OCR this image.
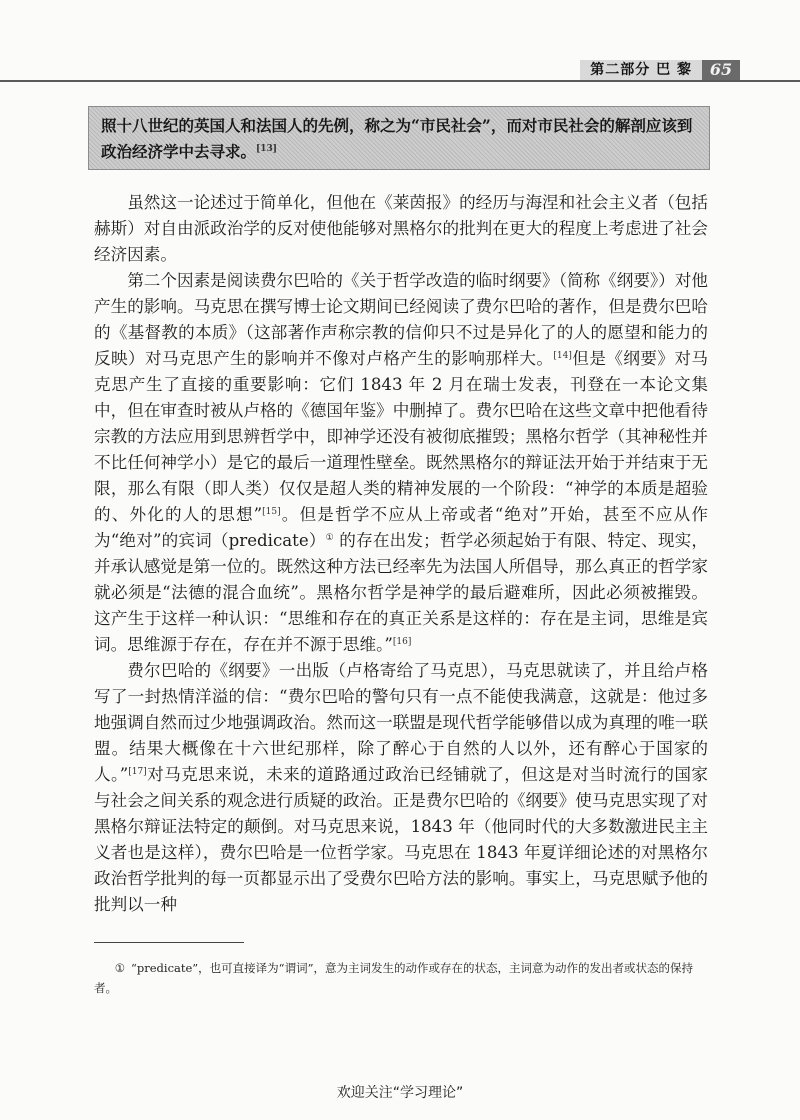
第二部分 巴 黎	65
照十八世纪的英国人和法国人的先例，称之为“市民社会”，而对市民社会的解剖应该到政治经济学中去寻求。[13]

虽然这一论述过于简单化，但他在《莱茵报》的经历与海涅和社会主义者（包括赫斯）对自由派政治学的反对使他能够对黑格尔的批判在更大的程度上考虑进了社会经济因素。

第二个因素是阅读费尔巴哈的《关于哲学改造的临时纲要》（简称《纲要》）对他产生的影响。马克思在撰写博士论文期间已经阅读了费尔巴哈的著作，但是费尔巴哈的《基督教的本质》（这部著作声称宗教的信仰只不过是异化了的人的愿望和能力的反映）对马克思产生的影响并不像对卢格产生的影响那样大。[14]但是《纲要》对马克思产生了直接的重要影响：它们 1843 年 2 月在瑞士发表，刊登在一本论文集中，但在审查时被从卢格的《德国年鉴》中删掉了。费尔巴哈在这些文章中把他看待宗教的方法应用到思辨哲学中，即神学还没有被彻底摧毁；黑格尔哲学（其神秘性并不比任何神学小）是它的最后一道理性壁垒。既然黑格尔的辩证法开始于并结束于无限，那么有限（即人类）仅仅是超人类的精神发展的一个阶段：“神学的本质是超验的、外化的人的思想”[15]。但是哲学不应从上帝或者“绝对”开始，甚至不应从作为“绝对”的宾词（predicate）① 的存在出发；哲学必须起始于有限、特定、现实，并承认感觉是第一位的。既然这种方法已经率先为法国人所倡导，那么真正的哲学家就必须是“法德的混合血统”。黑格尔哲学是神学的最后避难所，因此必须被摧毁。这产生于这样一种认识：“思维和存在的真正关系是这样的：存在是主词，思维是宾词。思维源于存在，存在并不源于思维。”[16]

费尔巴哈的《纲要》一出版（卢格寄给了马克思），马克思就读了，并且给卢格写了一封热情洋溢的信：“费尔巴哈的警句只有一点不能使我满意，这就是：他过多地强调自然而过少地强调政治。然而这一联盟是现代哲学能够借以成为真理的唯一联盟。结果大概像在十六世纪那样，除了醉心于自然的人以外，还有醉心于国家的人。”[17]对马克思来说，未来的道路通过政治已经铺就了，但这是对当时流行的国家与社会之间关系的观念进行质疑的政治。正是费尔巴哈的《纲要》使马克思实现了对黑格尔辩证法特定的颠倒。对马克思来说，1843 年（他同时代的大多数激进民主主义者也是这样），费尔巴哈是一位哲学家。马克思在 1843 年夏详细论述的对黑格尔政治哲学批判的每一页都显示出了受费尔巴哈方法的影响。事实上，马克思赋予他的批判以一种

① “predicate”，也可直接译为“谓词”，意为主词发生的动作或存在的状态，主词意为动作的发出者或状态的保持者。
欢迎关注“学习理论”
